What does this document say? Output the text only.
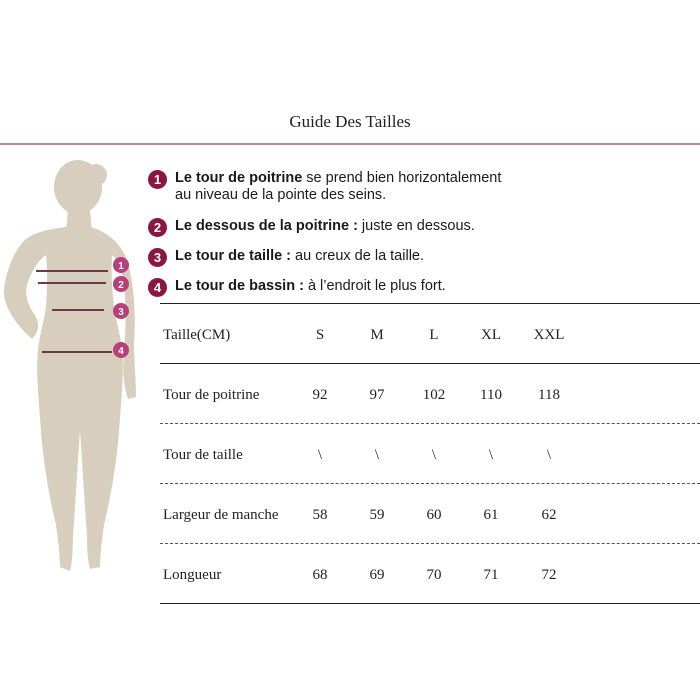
Guide Des Tailles
1
2
3
4
1 Le tour de poitrine se prend bien horizontalement
au niveau de la pointe des seins.
2 Le dessous de la poitrine : juste en dessous.
3 Le tour de taille : au creux de la taille.
4 Le tour de bassin : à l’endroit le plus fort.
Taille(CM)	S	M	L	XL	XXL
Tour de poitrine	92	97	102	110	118
Tour de taille	\	\	\	\	\
Largeur de manche	58	59	60	61	62
Longueur	68	69	70	71	72
